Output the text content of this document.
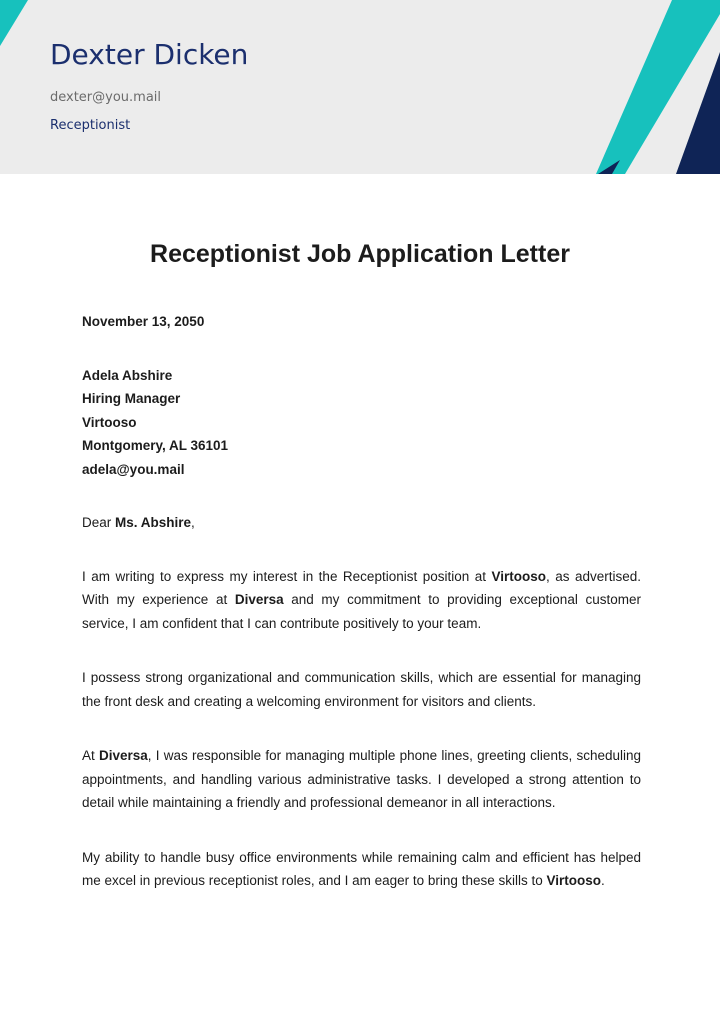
Dexter Dicken
dexter@you.mail
Receptionist
Receptionist Job Application Letter
November 13, 2050
Adela Abshire
Hiring Manager
Virtooso
Montgomery, AL 36101
adela@you.mail
Dear Ms. Abshire,

I am writing to express my interest in the Receptionist position at Virtooso, as advertised. With my experience at Diversa and my commitment to providing exceptional customer service, I am confident that I can contribute positively to your team.

I possess strong organizational and communication skills, which are essential for managing the front desk and creating a welcoming environment for visitors and clients.

At Diversa, I was responsible for managing multiple phone lines, greeting clients, scheduling appointments, and handling various administrative tasks. I developed a strong attention to detail while maintaining a friendly and professional demeanor in all interactions.

My ability to handle busy office environments while remaining calm and efficient has helped me excel in previous receptionist roles, and I am eager to bring these skills to Virtooso.
